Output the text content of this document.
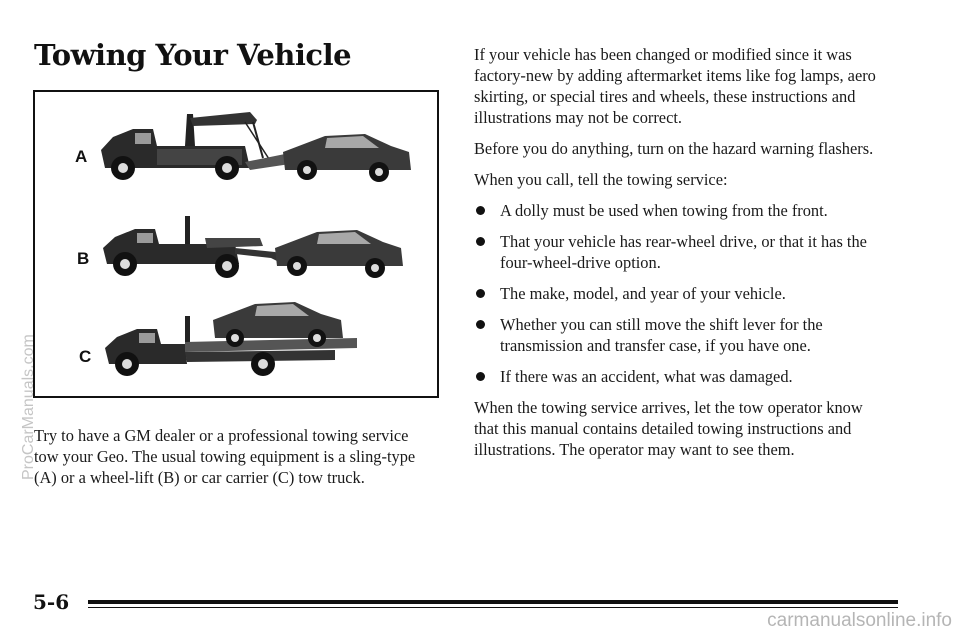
Towing Your Vehicle
A
B
C

Try to have a GM dealer or a professional towing service tow your Geo. The usual towing equipment is a sling-type (A) or a wheel-lift (B) or car carrier (C) tow truck.

If your vehicle has been changed or modified since it was factory-new by adding aftermarket items like fog lamps, aero skirting, or special tires and wheels, these instructions and illustrations may not be correct.

Before you do anything, turn on the hazard warning flashers.

When you call, tell the towing service:

A dolly must be used when towing from the front.
That your vehicle has rear-wheel drive, or that it has the four-wheel-drive option.
The make, model, and year of your vehicle.
Whether you can still move the shift lever for the transmission and transfer case, if you have one.
If there was an accident, what was damaged.

When the towing service arrives, let the tow operator know that this manual contains detailed towing instructions and illustrations. The operator may want to see them.

ProCarManuals.com
5-6
carmanualsonline.info
